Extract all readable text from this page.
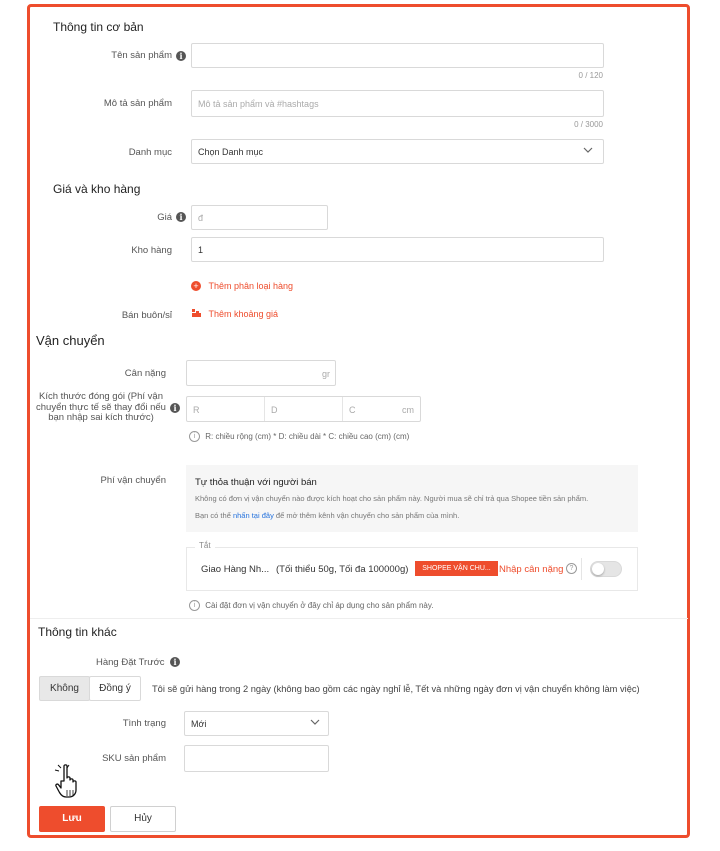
Thông tin cơ bản
Tên sản phẩm i
0 / 120
Mô tả sản phẩm	Mô tả sản phẩm và #hashtags
0 / 3000
Danh mục	Chọn Danh mục
Giá và kho hàng
Giá i	đ
Kho hàng	1
+ Thêm phân loại hàng
Bán buôn/sỉ	Thêm khoảng giá
Vận chuyển
Cân nặng	gr
Kích thước đóng gói (Phí vận chuyển thực tế sẽ thay đổi nếu bạn nhập sai kích thước)
i	R	D	C	cm
i R: chiều rộng (cm) * D: chiều dài * C: chiều cao (cm) (cm)
Phí vận chuyển	Tự thỏa thuận với người bán
Không có đơn vị vận chuyển nào được kích hoạt cho sản phẩm này. Người mua sẽ chỉ trả qua Shopee tiền sản phẩm.
Bạn có thể nhấn tại đây để mở thêm kênh vận chuyển cho sản phẩm của mình.
Tắt
Giao Hàng Nh... (Tối thiểu 50g, Tối đa 100000g)	SHOPEE VẬN CHU... Nhập cân nặng ?
i Cài đặt đơn vị vận chuyển ở đây chỉ áp dụng cho sản phẩm này.
Thông tin khác
Hàng Đặt Trước	i
Không	Đồng ý	Tôi sẽ gửi hàng trong 2 ngày (không bao gồm các ngày nghỉ lễ, Tết và những ngày đơn vị vận chuyển không làm việc)
Tình trạng	Mới
SKU sản phẩm
Lưu	Hủy
